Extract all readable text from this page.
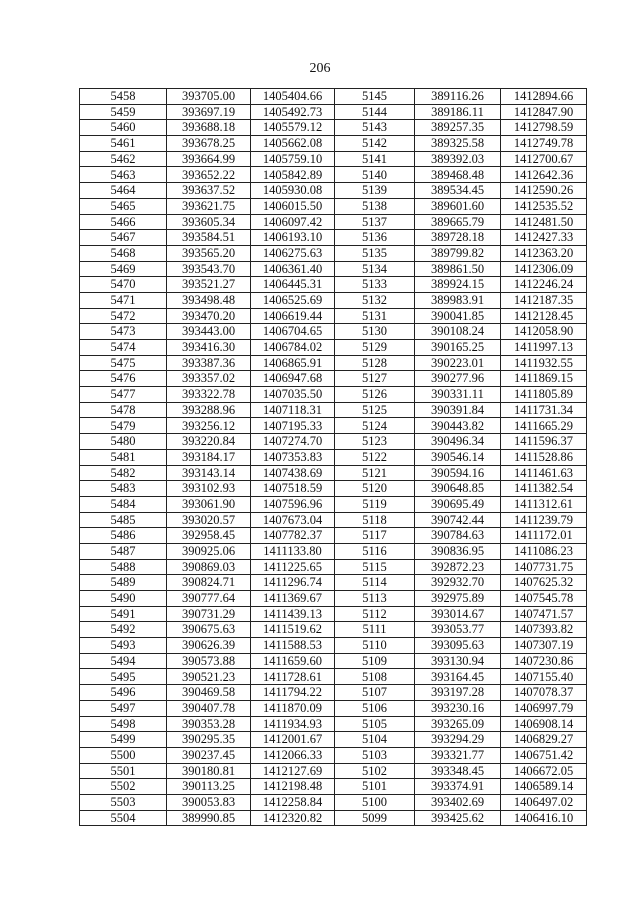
206
5458	393705.00	1405404.66	5145	389116.26	1412894.66
5459	393697.19	1405492.73	5144	389186.11	1412847.90
5460	393688.18	1405579.12	5143	389257.35	1412798.59
5461	393678.25	1405662.08	5142	389325.58	1412749.78
5462	393664.99	1405759.10	5141	389392.03	1412700.67
5463	393652.22	1405842.89	5140	389468.48	1412642.36
5464	393637.52	1405930.08	5139	389534.45	1412590.26
5465	393621.75	1406015.50	5138	389601.60	1412535.52
5466	393605.34	1406097.42	5137	389665.79	1412481.50
5467	393584.51	1406193.10	5136	389728.18	1412427.33
5468	393565.20	1406275.63	5135	389799.82	1412363.20
5469	393543.70	1406361.40	5134	389861.50	1412306.09
5470	393521.27	1406445.31	5133	389924.15	1412246.24
5471	393498.48	1406525.69	5132	389983.91	1412187.35
5472	393470.20	1406619.44	5131	390041.85	1412128.45
5473	393443.00	1406704.65	5130	390108.24	1412058.90
5474	393416.30	1406784.02	5129	390165.25	1411997.13
5475	393387.36	1406865.91	5128	390223.01	1411932.55
5476	393357.02	1406947.68	5127	390277.96	1411869.15
5477	393322.78	1407035.50	5126	390331.11	1411805.89
5478	393288.96	1407118.31	5125	390391.84	1411731.34
5479	393256.12	1407195.33	5124	390443.82	1411665.29
5480	393220.84	1407274.70	5123	390496.34	1411596.37
5481	393184.17	1407353.83	5122	390546.14	1411528.86
5482	393143.14	1407438.69	5121	390594.16	1411461.63
5483	393102.93	1407518.59	5120	390648.85	1411382.54
5484	393061.90	1407596.96	5119	390695.49	1411312.61
5485	393020.57	1407673.04	5118	390742.44	1411239.79
5486	392958.45	1407782.37	5117	390784.63	1411172.01
5487	390925.06	1411133.80	5116	390836.95	1411086.23
5488	390869.03	1411225.65	5115	392872.23	1407731.75
5489	390824.71	1411296.74	5114	392932.70	1407625.32
5490	390777.64	1411369.67	5113	392975.89	1407545.78
5491	390731.29	1411439.13	5112	393014.67	1407471.57
5492	390675.63	1411519.62	5111	393053.77	1407393.82
5493	390626.39	1411588.53	5110	393095.63	1407307.19
5494	390573.88	1411659.60	5109	393130.94	1407230.86
5495	390521.23	1411728.61	5108	393164.45	1407155.40
5496	390469.58	1411794.22	5107	393197.28	1407078.37
5497	390407.78	1411870.09	5106	393230.16	1406997.79
5498	390353.28	1411934.93	5105	393265.09	1406908.14
5499	390295.35	1412001.67	5104	393294.29	1406829.27
5500	390237.45	1412066.33	5103	393321.77	1406751.42
5501	390180.81	1412127.69	5102	393348.45	1406672.05
5502	390113.25	1412198.48	5101	393374.91	1406589.14
5503	390053.83	1412258.84	5100	393402.69	1406497.02
5504	389990.85	1412320.82	5099	393425.62	1406416.10
